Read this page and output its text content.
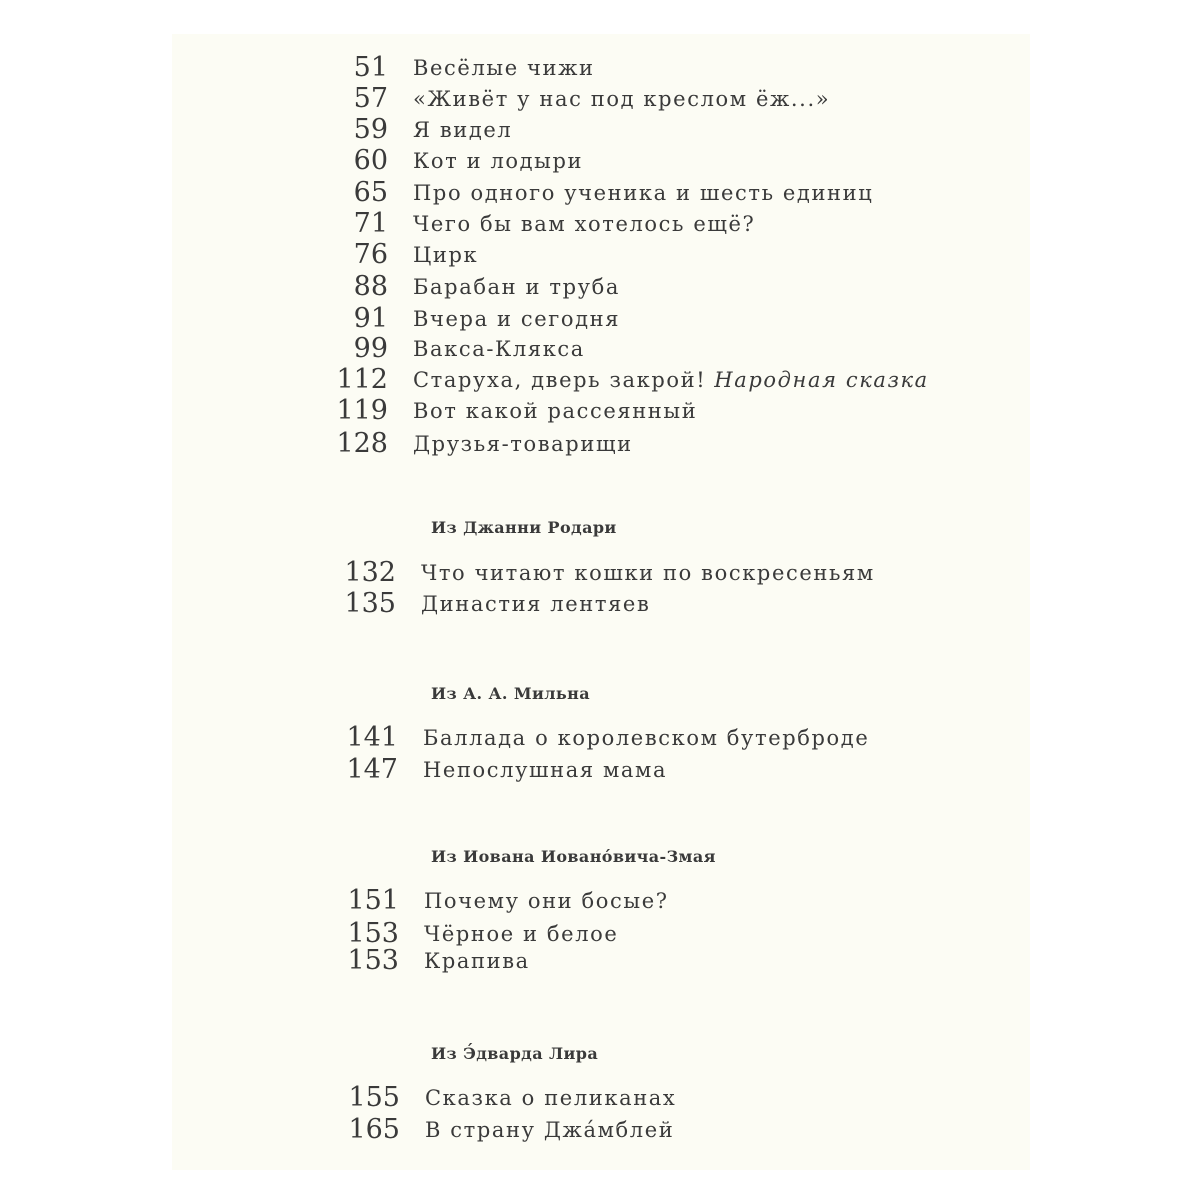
51 Весёлые чижи
57 «Живёт у нас под креслом ёж...»
59 Я видел
60 Кот и лодыри
65 Про одного ученика и шесть единиц
71 Чего бы вам хотелось ещё?
76 Цирк
88 Барабан и труба
91 Вчера и сегодня
99 Вакса-Клякса
112 Старуха, дверь закрой! Народная сказка
119 Вот какой рассеянный
128 Друзья-товарищи
Из Джанни Родари
132 Что читают кошки по воскресеньям
135 Династия лентяев
Из А. А. Мильна
141 Баллада о королевском бутерброде
147 Непослушная мама
Из Иована Иованóвича-Змая
151 Почему они босые?
153 Чёрное и белое
153 Крапива
Из Э́дварда Лира
155 Сказка о пеликанах
165 В страну Джáмблей
